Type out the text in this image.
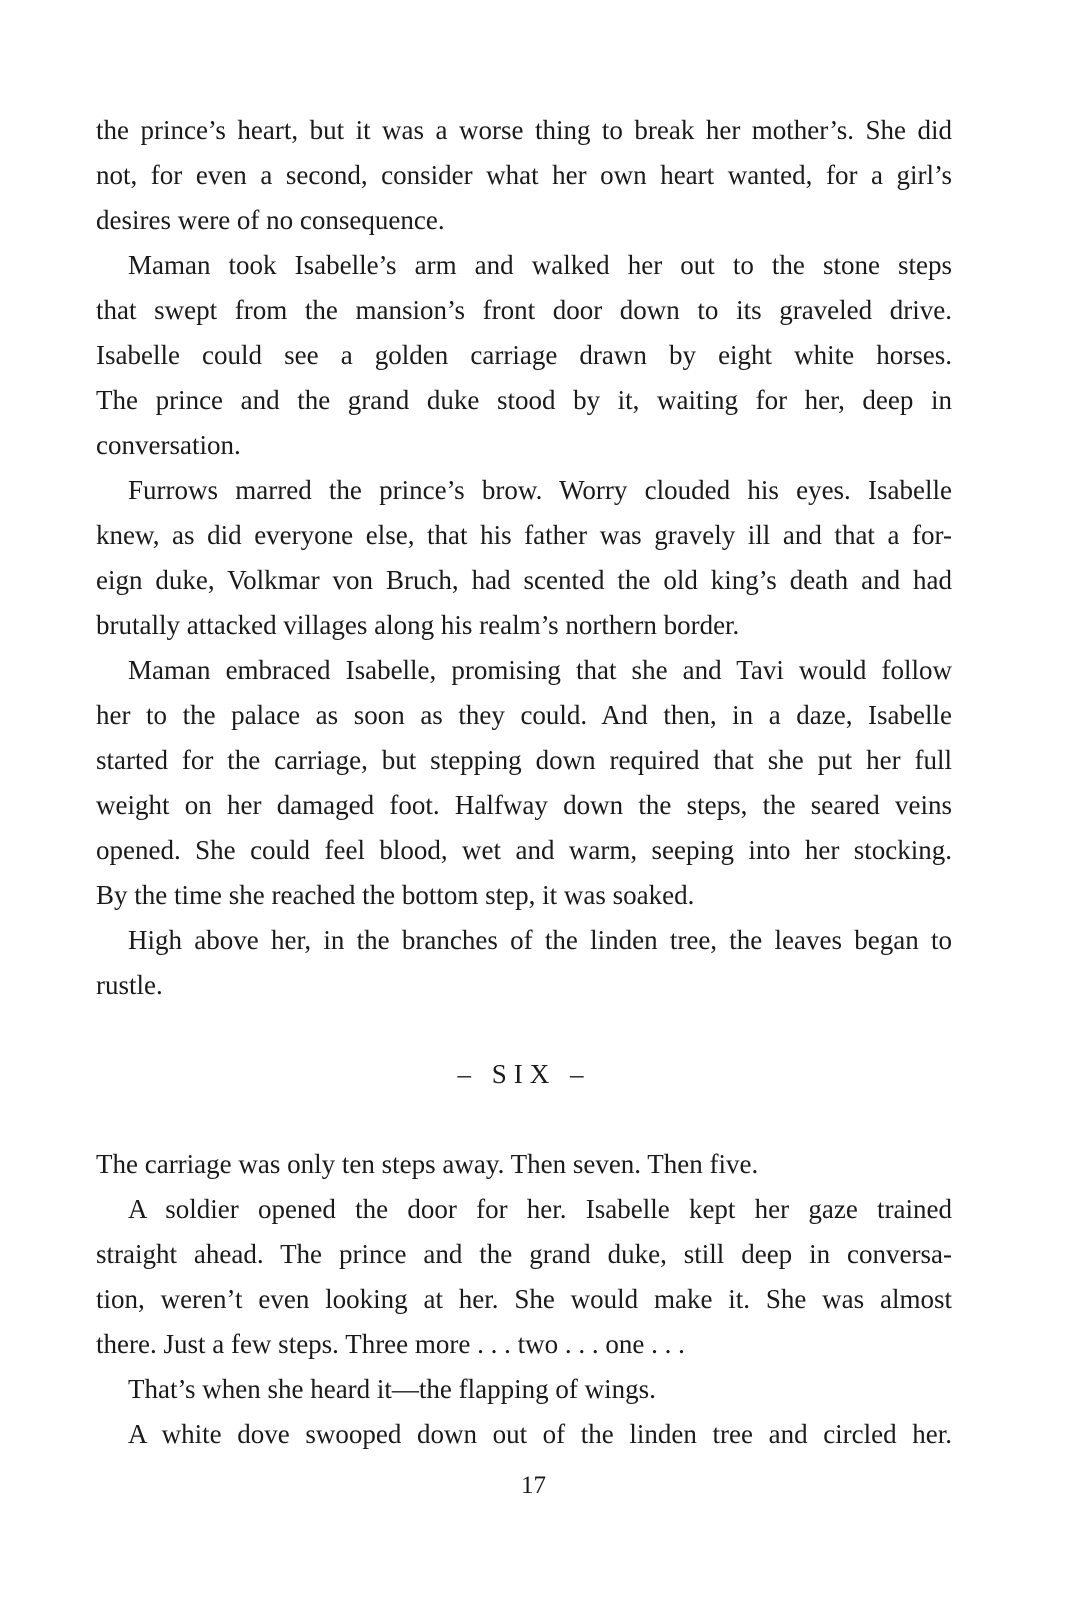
the prince’s heart, but it was a worse thing to break her mother’s. She did
not, for even a second, consider what her own heart wanted, for a girl’s
desires were of no consequence.
Maman took Isabelle’s arm and walked her out to the stone steps
that swept from the mansion’s front door down to its graveled drive.
Isabelle could see a golden carriage drawn by eight white horses.
The prince and the grand duke stood by it, waiting for her, deep in
conversation.
Furrows marred the prince’s brow. Worry clouded his eyes. Isabelle
knew, as did everyone else, that his father was gravely ill and that a for-
eign duke, Volkmar von Bruch, had scented the old king’s death and had
brutally attacked villages along his realm’s northern border.
Maman embraced Isabelle, promising that she and Tavi would follow
her to the palace as soon as they could. And then, in a daze, Isabelle
started for the carriage, but stepping down required that she put her full
weight on her damaged foot. Halfway down the steps, the seared veins
opened. She could feel blood, wet and warm, seeping into her stocking.
By the time she reached the bottom step, it was soaked.
High above her, in the branches of the linden tree, the leaves began to
rustle.
– SIX –
The carriage was only ten steps away. Then seven. Then five.
A soldier opened the door for her. Isabelle kept her gaze trained
straight ahead. The prince and the grand duke, still deep in conversa-
tion, weren’t even looking at her. She would make it. She was almost
there. Just a few steps. Three more . . . two . . . one . . .
That’s when she heard it—the flapping of wings.
A white dove swooped down out of the linden tree and circled her.
17
